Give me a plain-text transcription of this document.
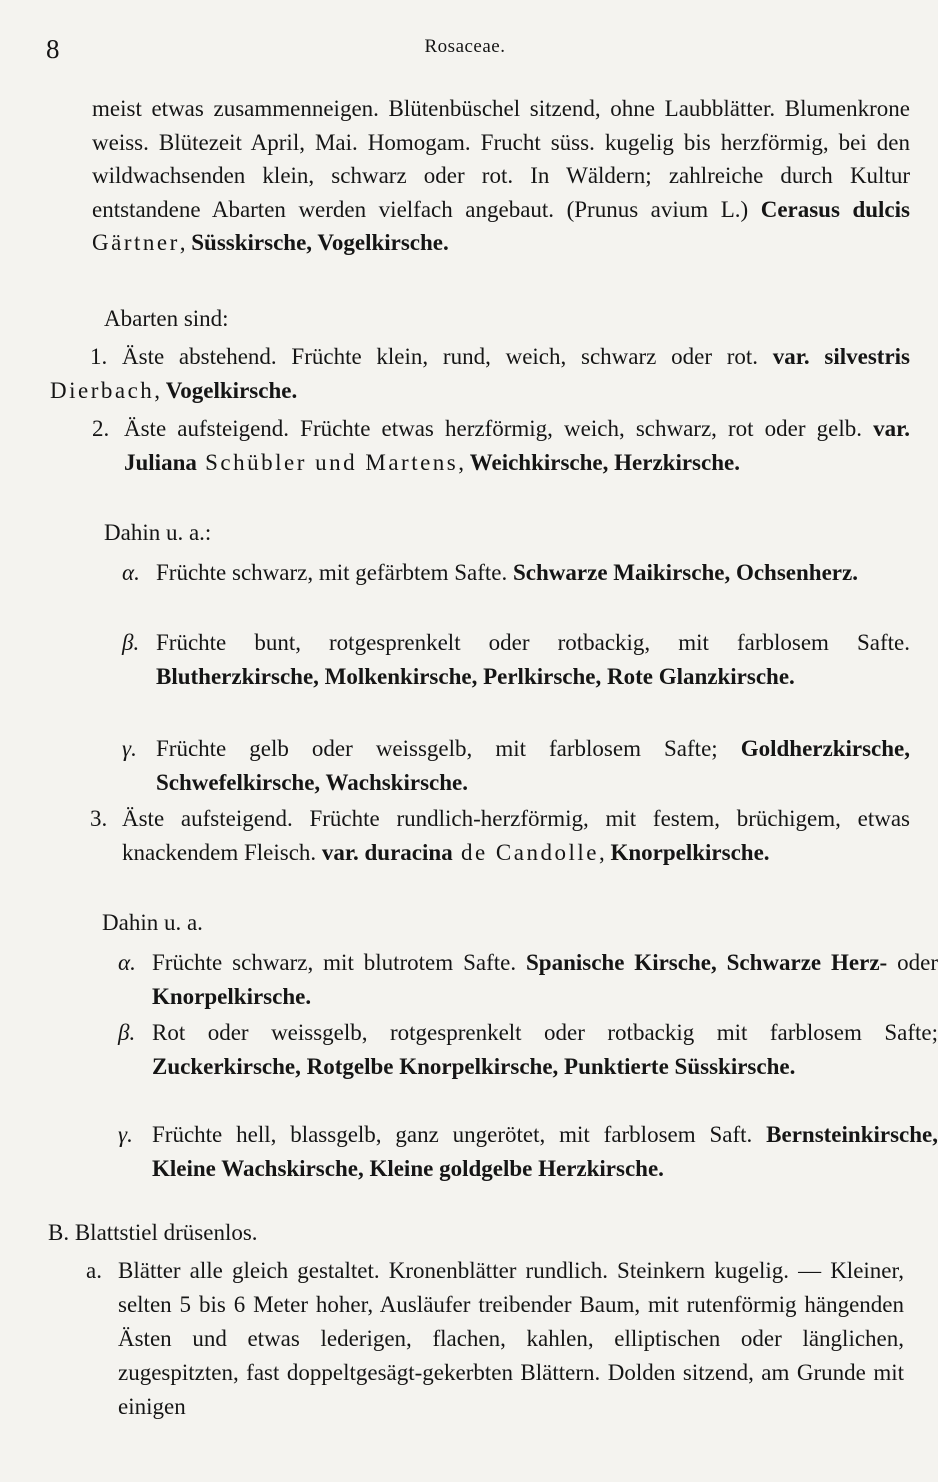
8	Rosaceae.
meist etwas zusammenneigen. Blütenbüschel sitzend, ohne Laubblätter. Blumenkrone weiss. Blütezeit April, Mai. Homogam. Frucht süss. kugelig bis herzförmig, bei den wildwachsenden klein, schwarz oder rot. In Wäldern; zahlreiche durch Kultur entstandene Abarten werden vielfach angebaut. (Prunus avium L.) Cerasus dulcis Gärtner, Süsskirsche, Vogelkirsche.
Abarten sind:
1. Äste abstehend. Früchte klein, rund, weich, schwarz oder rot. var. silvestris Dierbach, Vogelkirsche.
2. Äste aufsteigend. Früchte etwas herzförmig, weich, schwarz, rot oder gelb. var. Juliana Schübler und Martens, Weichkirsche, Herzkirsche.
Dahin u. a.:
α. Früchte schwarz, mit gefärbtem Safte. Schwarze Maikirsche, Ochsenherz.
β. Früchte bunt, rotgesprenkelt oder rotbackig, mit farblosem Safte. Blutherzkirsche, Molkenkirsche, Perlkirsche, Rote Glanzkirsche.
γ. Früchte gelb oder weissgelb, mit farblosem Safte; Goldherzkirsche, Schwefelkirsche, Wachskirsche.
3. Äste aufsteigend. Früchte rundlich-herzförmig, mit festem, brüchigem, etwas knackendem Fleisch. var. duracina de Candolle, Knorpelkirsche.
Dahin u. a.
α. Früchte schwarz, mit blutrotem Safte. Spanische Kirsche, Schwarze Herz- oder Knorpelkirsche.
β. Rot oder weissgelb, rotgesprenkelt oder rotbackig mit farblosem Safte; Zuckerkirsche, Rotgelbe Knorpelkirsche, Punktierte Süsskirsche.
γ. Früchte hell, blassgelb, ganz ungerötet, mit farblosem Saft. Bernsteinkirsche, Kleine Wachskirsche, Kleine goldgelbe Herzkirsche.
B. Blattstiel drüsenlos.
a. Blätter alle gleich gestaltet. Kronenblätter rundlich. Steinkern kugelig. — Kleiner, selten 5 bis 6 Meter hoher, Ausläufer treibender Baum, mit rutenförmig hängenden Ästen und etwas lederigen, flachen, kahlen, elliptischen oder länglichen, zugespitzten, fast doppeltgesägt-gekerbten Blättern. Dolden sitzend, am Grunde mit einigen
